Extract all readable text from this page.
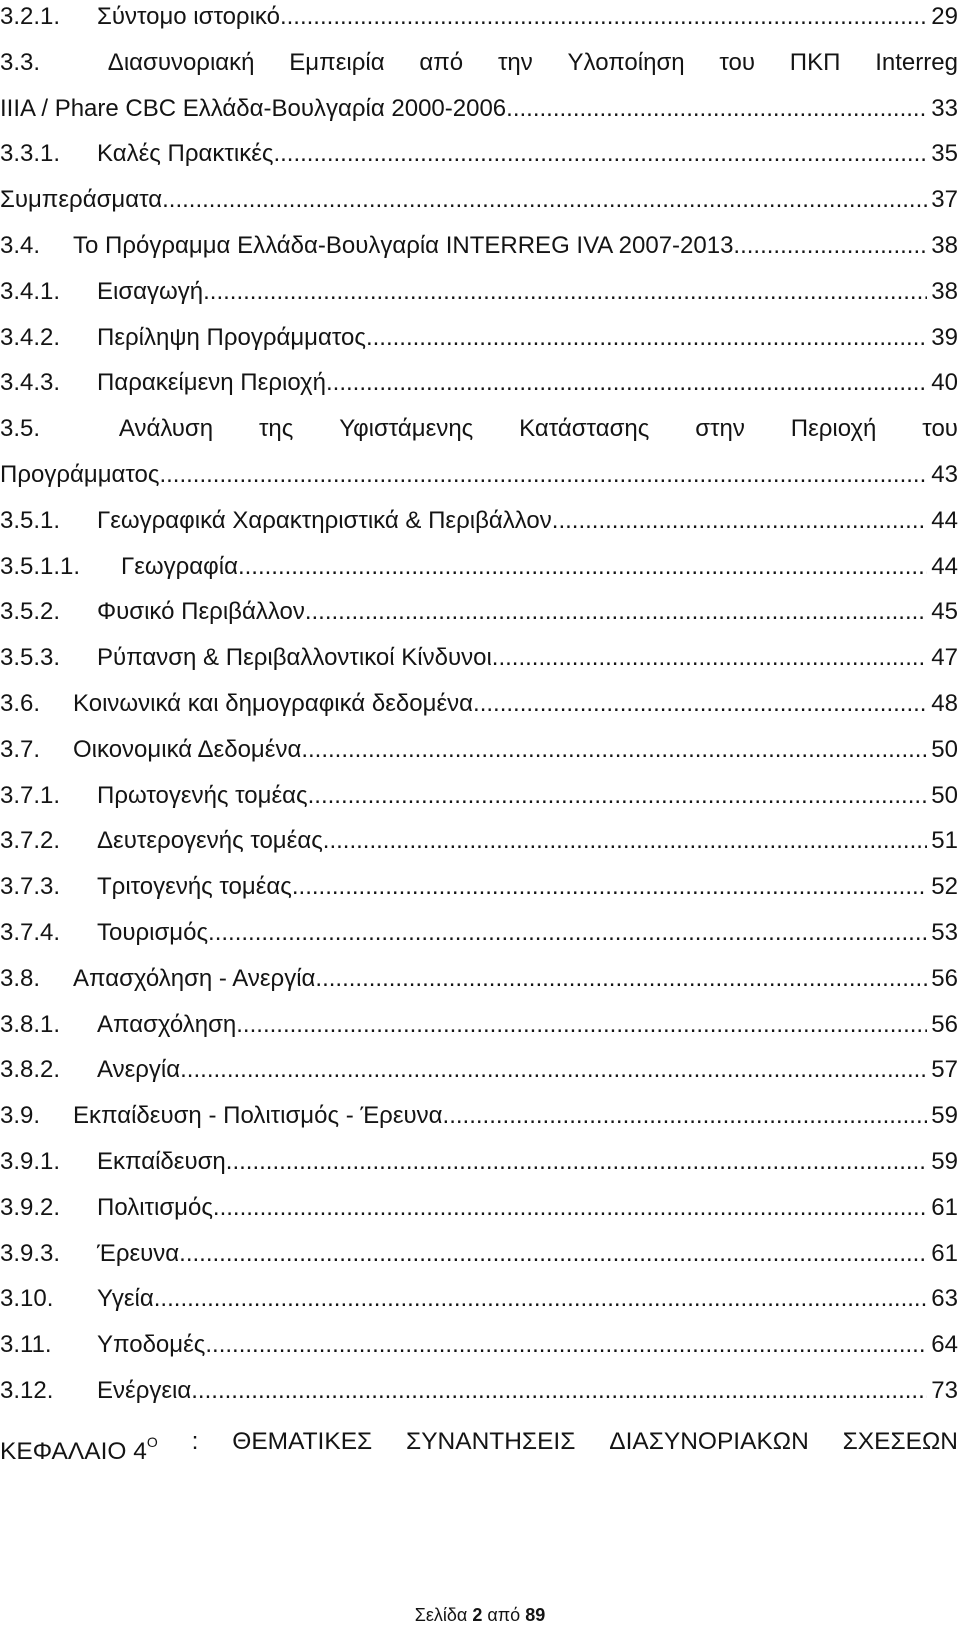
3.2.1.	Σύντομο ιστορικό .....	29
3.3.	Διασυνοριακή Εμπειρία από την Υλοποίηση του ΠΚΠ Interreg
IIIA / Phare CBC Ελλάδα-Βουλγαρία 2000-2006 .....	33
3.3.1.	Καλές Πρακτικές .....	35
Συμπεράσματα .....	37
3.4.	Το Πρόγραμμα Ελλάδα-Βουλγαρία INTERREG IVA 2007-2013 .....	38
3.4.1.	Εισαγωγή .....	38
3.4.2.	Περίληψη Προγράμματος .....	39
3.4.3.	Παρακείμενη Περιοχή .....	40
3.5.	Ανάλυση της Υφιστάμενης Κατάστασης στην Περιοχή του
Προγράμματος .....	43
3.5.1.	Γεωγραφικά Χαρακτηριστικά & Περιβάλλον .....	44
3.5.1.1.	Γεωγραφία .....	44
3.5.2.	Φυσικό Περιβάλλον .....	45
3.5.3.	Ρύπανση & Περιβαλλοντικοί Κίνδυνοι .....	47
3.6.	Κοινωνικά και δημογραφικά δεδομένα .....	48
3.7.	Οικονομικά Δεδομένα .....	50
3.7.1.	Πρωτογενής τομέας .....	50
3.7.2.	Δευτερογενής τομέας .....	51
3.7.3.	Τριτογενής τομέας .....	52
3.7.4.	Τουρισμός .....	53
3.8.	Απασχόληση - Ανεργία .....	56
3.8.1.	Απασχόληση .....	56
3.8.2.	Ανεργία .....	57
3.9.	Εκπαίδευση - Πολιτισμός - Έρευνα .....	59
3.9.1.	Εκπαίδευση .....	59
3.9.2.	Πολιτισμός .....	61
3.9.3.	Έρευνα .....	61
3.10.	Υγεία .....	63
3.11.	Υποδομές .....	64
3.12.	Ενέργεια .....	73
ΚΕΦΑΛΑΙΟ $4^O$ : ΘΕΜΑΤΙΚΕΣ ΣΥΝΑΝΤΗΣΕΙΣ ΔΙΑΣΥΝΟΡΙΑΚΩΝ ΣΧΕΣΕΩΝ
Σελίδα 2 από 89
